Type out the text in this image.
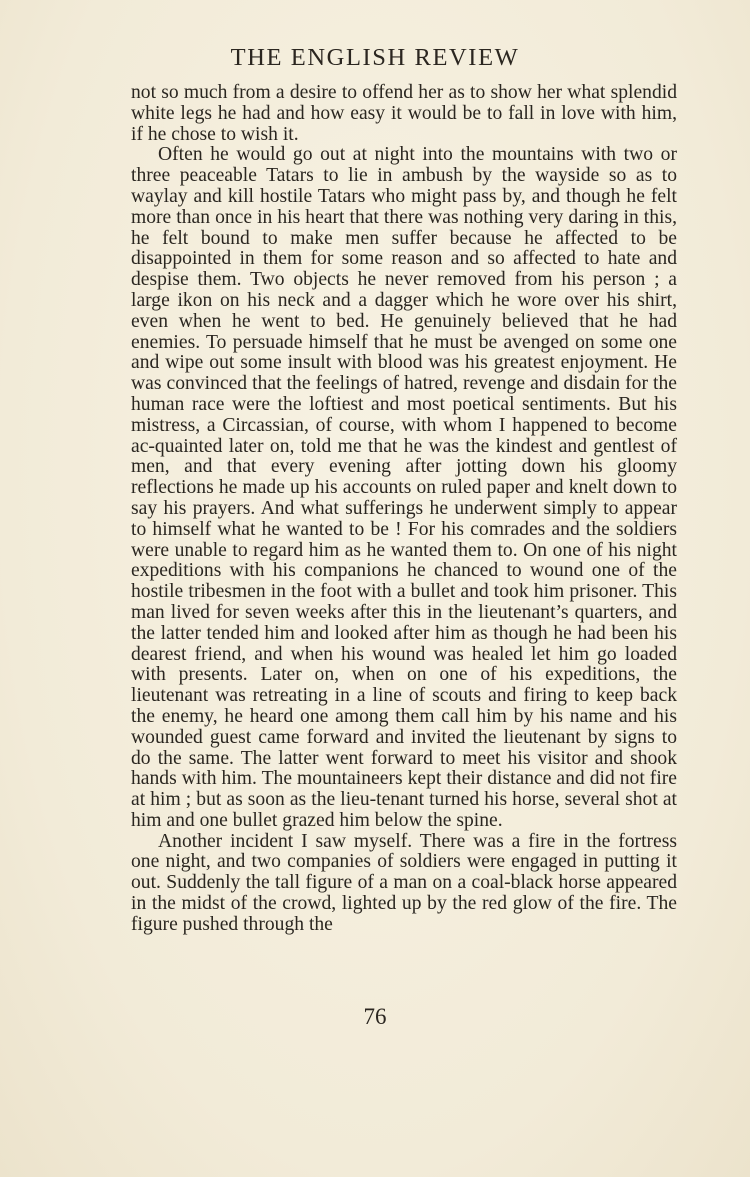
THE ENGLISH REVIEW

not so much from a desire to offend her as to show her what splendid white legs he had and how easy it would be to fall in love with him, if he chose to wish it.

Often he would go out at night into the mountains with two or three peaceable Tatars to lie in ambush by the wayside so as to waylay and kill hostile Tatars who might pass by, and though he felt more than once in his heart that there was nothing very daring in this, he felt bound to make men suffer because he affected to be disappointed in them for some reason and so affected to hate and despise them. Two objects he never removed from his person ; a large ikon on his neck and a dagger which he wore over his shirt, even when he went to bed. He genuinely believed that he had enemies. To persuade himself that he must be avenged on some one and wipe out some insult with blood was his greatest enjoyment. He was convinced that the feelings of hatred, revenge and disdain for the human race were the loftiest and most poetical sentiments. But his mistress, a Circassian, of course, with whom I happened to become ac-quainted later on, told me that he was the kindest and gentlest of men, and that every evening after jotting down his gloomy reflections he made up his accounts on ruled paper and knelt down to say his prayers. And what sufferings he underwent simply to appear to himself what he wanted to be ! For his comrades and the soldiers were unable to regard him as he wanted them to. On one of his night expeditions with his companions he chanced to wound one of the hostile tribesmen in the foot with a bullet and took him prisoner. This man lived for seven weeks after this in the lieutenant’s quarters, and the latter tended him and looked after him as though he had been his dearest friend, and when his wound was healed let him go loaded with presents. Later on, when on one of his expeditions, the lieutenant was retreating in a line of scouts and firing to keep back the enemy, he heard one among them call him by his name and his wounded guest came forward and invited the lieutenant by signs to do the same. The latter went forward to meet his visitor and shook hands with him. The mountaineers kept their distance and did not fire at him ; but as soon as the lieu-tenant turned his horse, several shot at him and one bullet grazed him below the spine.

Another incident I saw myself. There was a fire in the fortress one night, and two companies of soldiers were engaged in putting it out. Suddenly the tall figure of a man on a coal-black horse appeared in the midst of the crowd, lighted up by the red glow of the fire. The figure pushed through the

76
